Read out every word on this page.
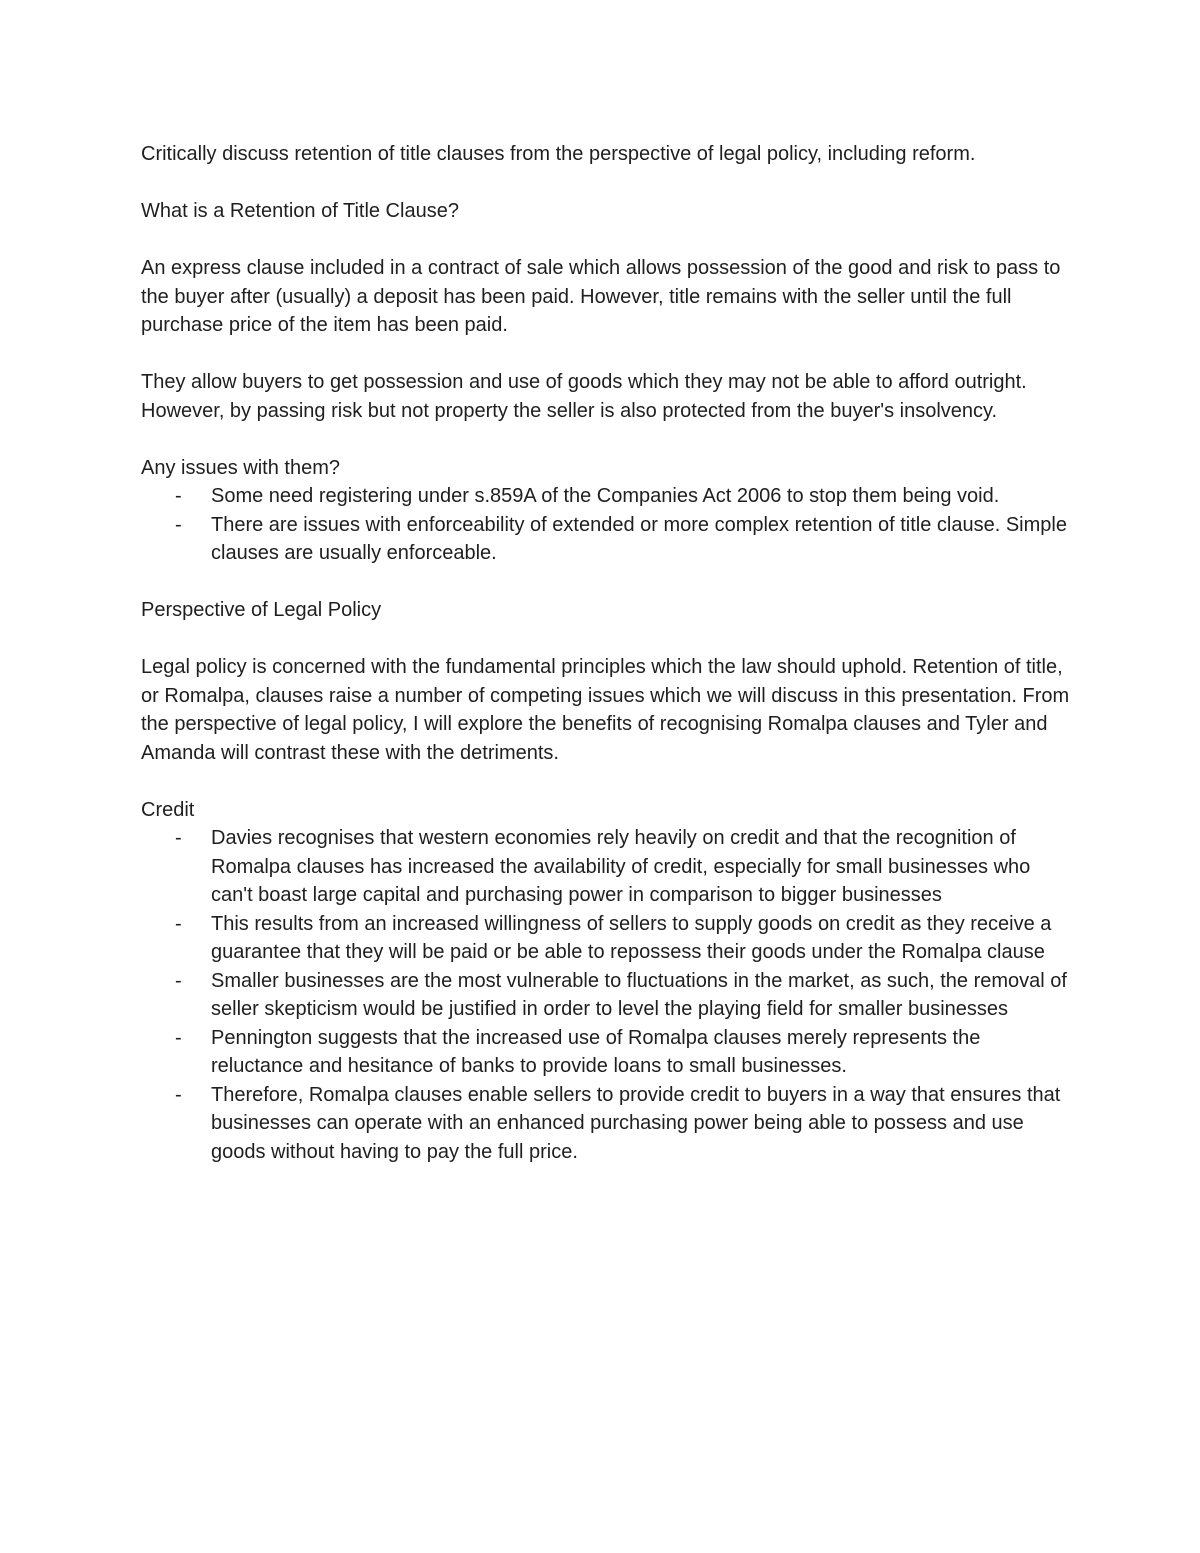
Critically discuss retention of title clauses from the perspective of legal policy, including reform.

What is a Retention of Title Clause?

An express clause included in a contract of sale which allows possession of the good and risk to pass to the buyer after (usually) a deposit has been paid. However, title remains with the seller until the full purchase price of the item has been paid.

They allow buyers to get possession and use of goods which they may not be able to afford outright. However, by passing risk but not property the seller is also protected from the buyer's insolvency.

Any issues with them?

- Some need registering under s.859A of the Companies Act 2006 to stop them being void.
- There are issues with enforceability of extended or more complex retention of title clause. Simple clauses are usually enforceable.

Perspective of Legal Policy

Legal policy is concerned with the fundamental principles which the law should uphold. Retention of title, or Romalpa, clauses raise a number of competing issues which we will discuss in this presentation. From the perspective of legal policy, I will explore the benefits of recognising Romalpa clauses and Tyler and Amanda will contrast these with the detriments.

Credit

- Davies recognises that western economies rely heavily on credit and that the recognition of Romalpa clauses has increased the availability of credit, especially for small businesses who can't boast large capital and purchasing power in comparison to bigger businesses
- This results from an increased willingness of sellers to supply goods on credit as they receive a guarantee that they will be paid or be able to repossess their goods under the Romalpa clause
- Smaller businesses are the most vulnerable to fluctuations in the market, as such, the removal of seller skepticism would be justified in order to level the playing field for smaller businesses
- Pennington suggests that the increased use of Romalpa clauses merely represents the reluctance and hesitance of banks to provide loans to small businesses.
- Therefore, Romalpa clauses enable sellers to provide credit to buyers in a way that ensures that businesses can operate with an enhanced purchasing power being able to possess and use goods without having to pay the full price.
